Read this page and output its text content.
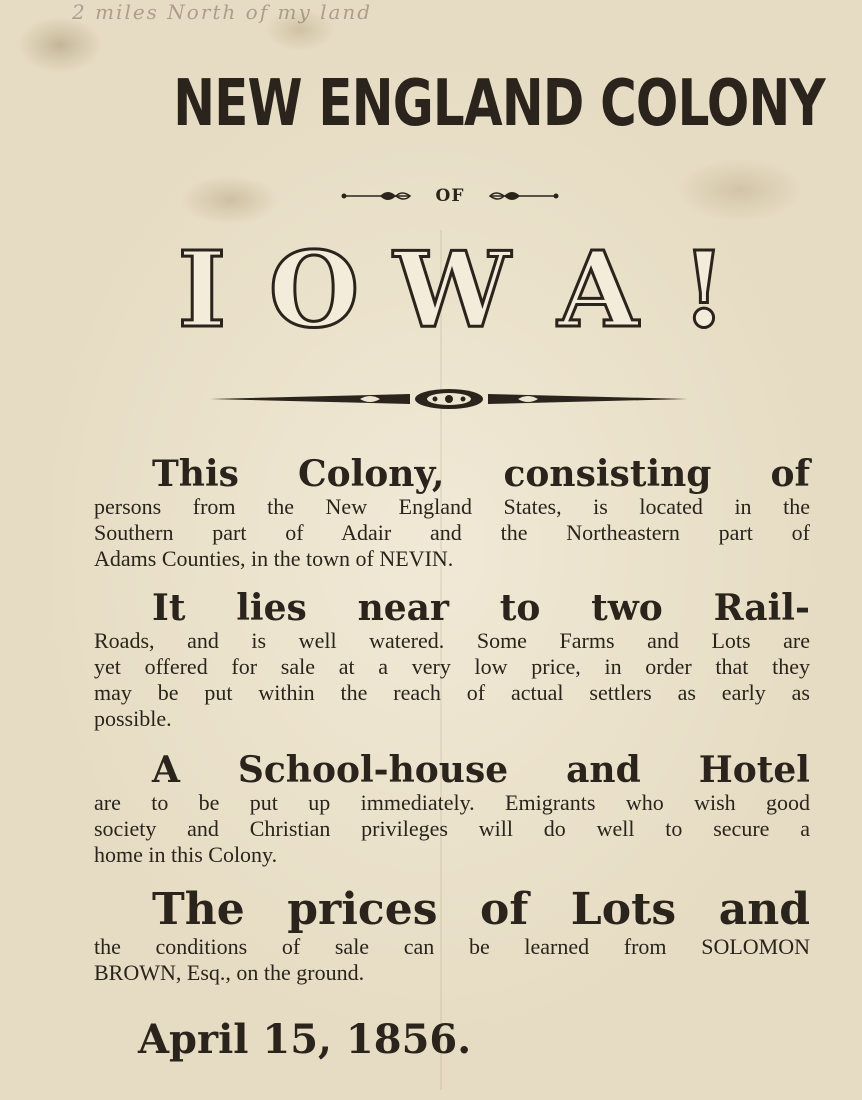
2 miles North of my land
NEW ENGLAND COLONY
OF
I O W A !
This Colony, consisting of
persons from the New England States, is located in the
Southern part of Adair and the Northeastern part of
Adams Counties, in the town of NEVIN.
It lies near to two Rail-
Roads, and is well watered. Some Farms and Lots are
yet offered for sale at a very low price, in order that they
may be put within the reach of actual settlers as early as
possible.
A School-house and Hotel
are to be put up immediately. Emigrants who wish good
society and Christian privileges will do well to secure a
home in this Colony.
The prices of Lots and
the conditions of sale can be learned from SOLOMON
BROWN, Esq., on the ground.
April 15, 1856.
